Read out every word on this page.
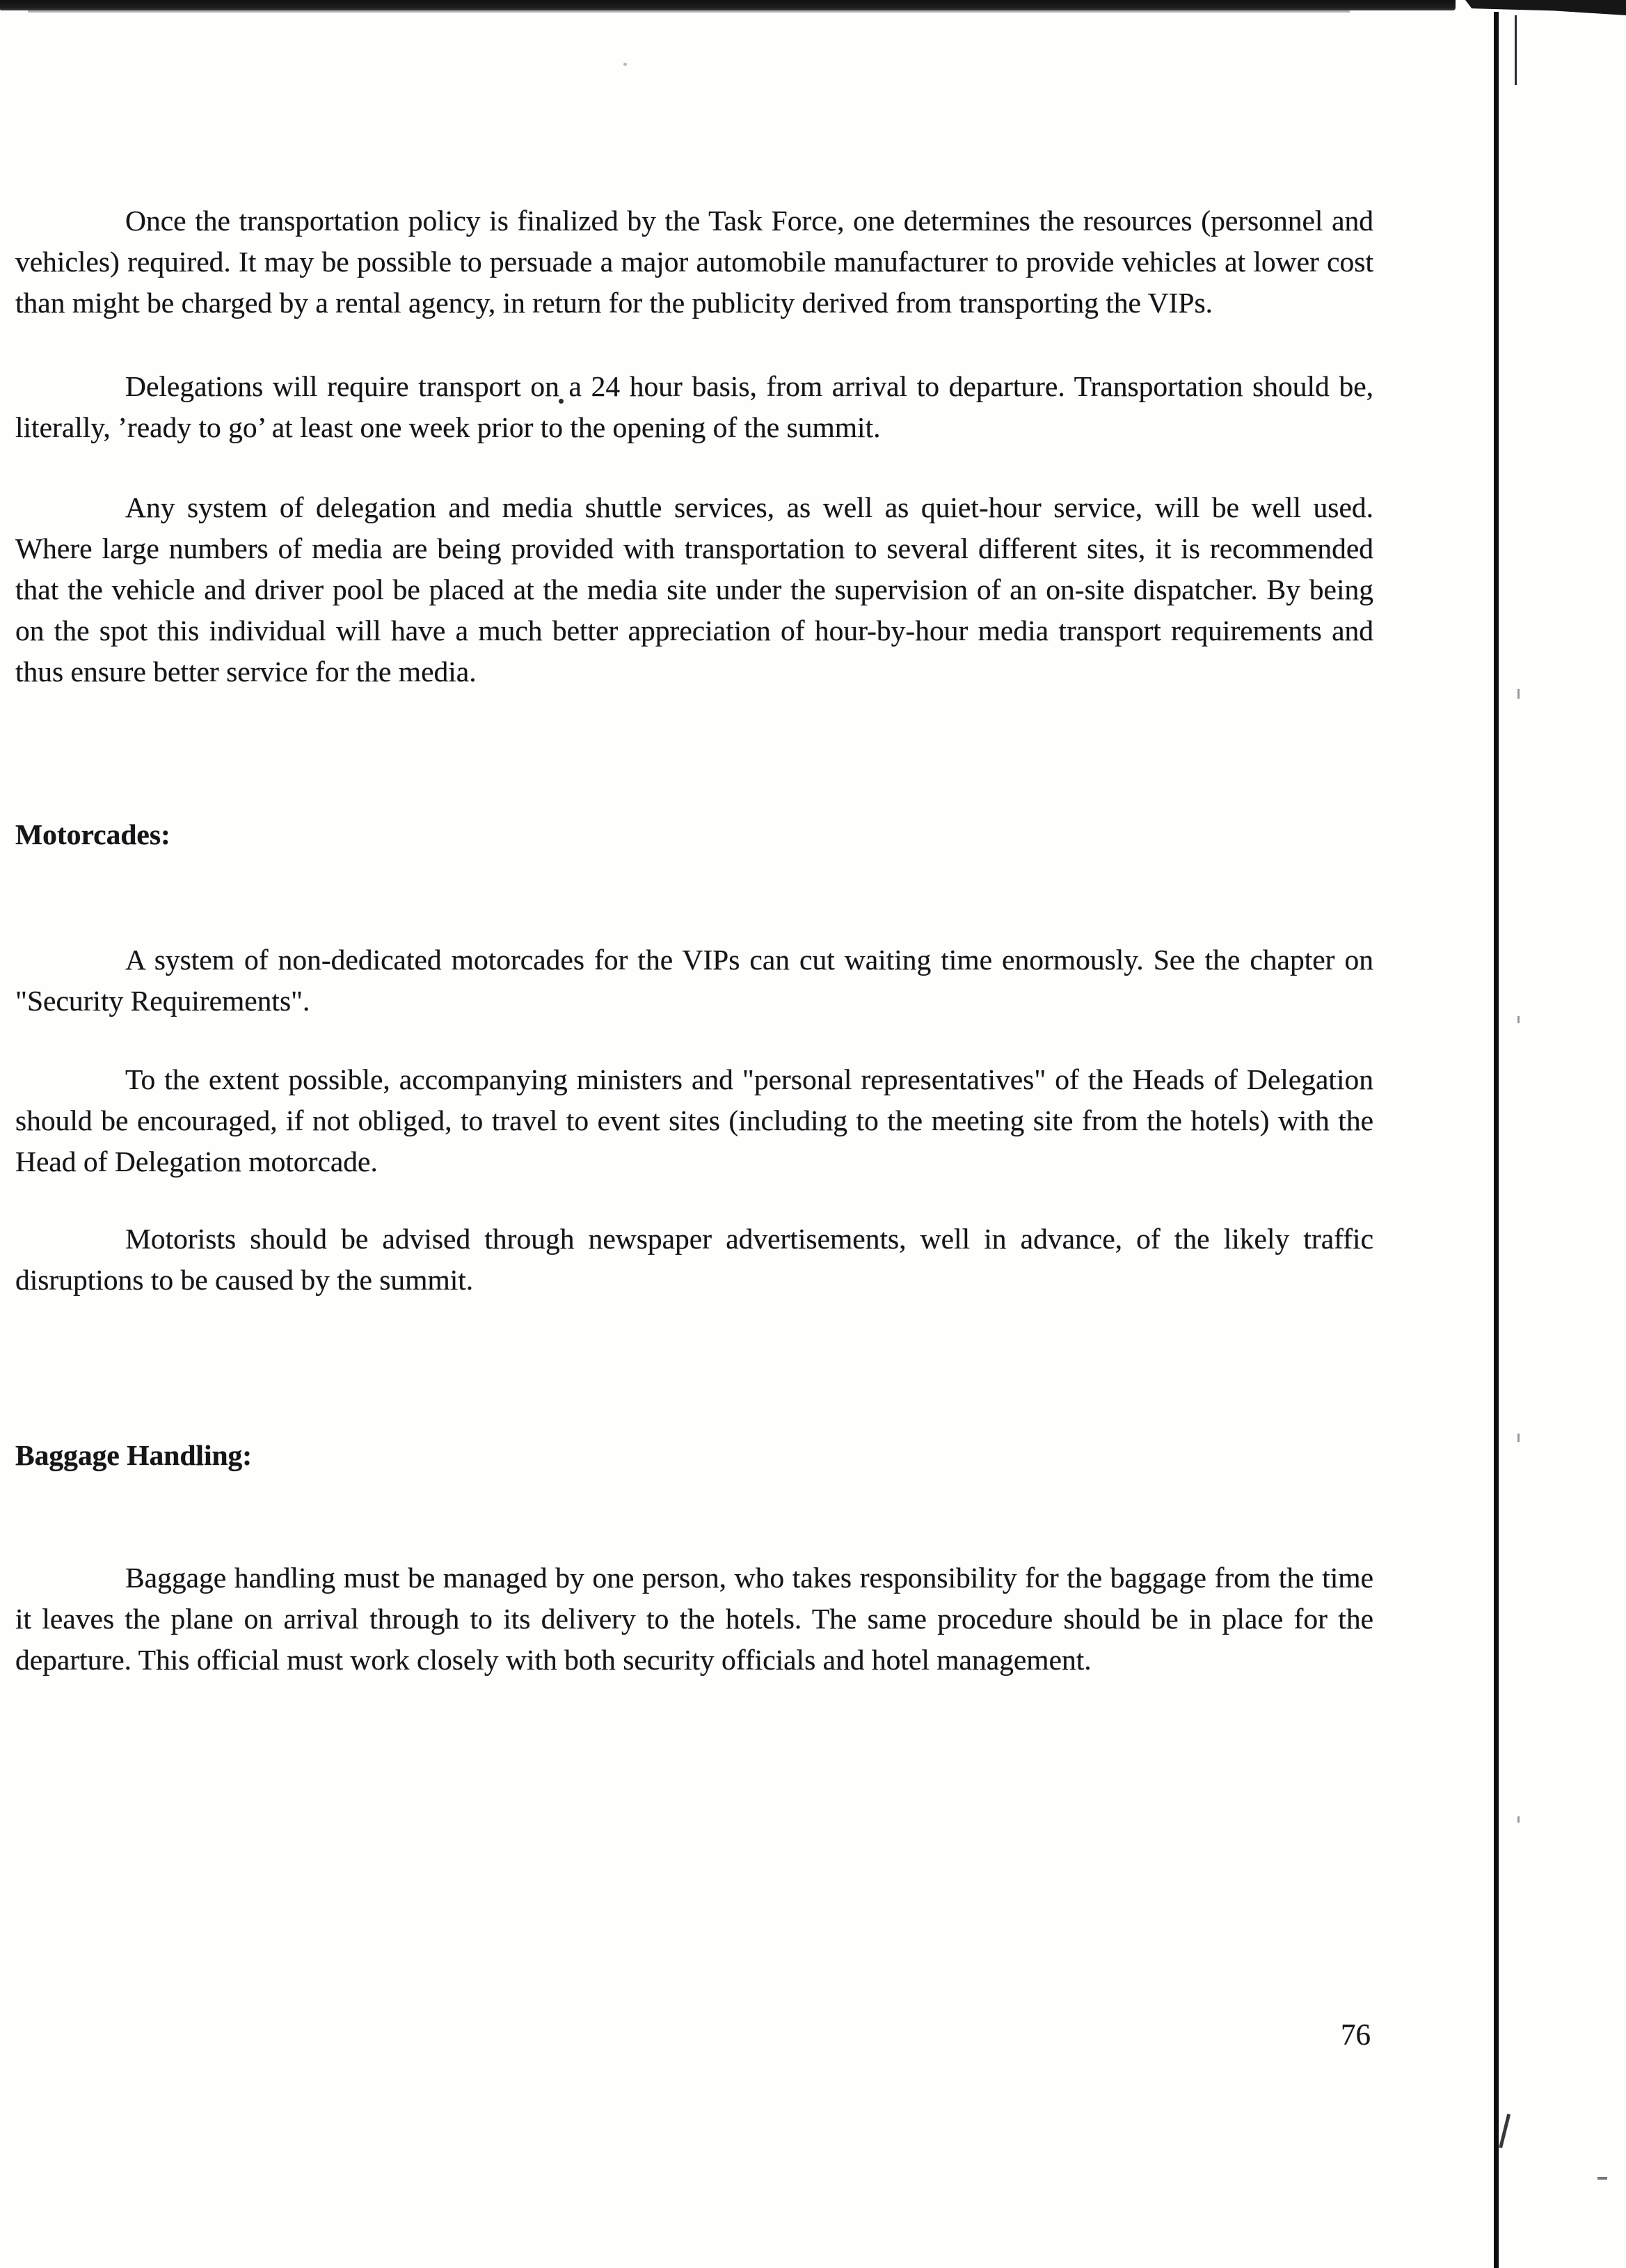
Once the transportation policy is finalized by the Task Force, one determines the resources (personnel and vehicles) required. It may be possible to persuade a major automobile manufacturer to provide vehicles at lower cost than might be charged by a rental agency, in return for the publicity derived from transporting the VIPs.

Delegations will require transport on a 24 hour basis, from arrival to departure. Transportation should be, literally, ’ready to go’ at least one week prior to the opening of the summit.

Any system of delegation and media shuttle services, as well as quiet-hour service, will be well used. Where large numbers of media are being provided with transportation to several different sites, it is recommended that the vehicle and driver pool be placed at the media site under the supervision of an on-site dispatcher. By being on the spot this individual will have a much better appreciation of hour-by-hour media transport requirements and thus ensure better service for the media.

Motorcades:

A system of non-dedicated motorcades for the VIPs can cut waiting time enormously. See the chapter on "Security Requirements".

To the extent possible, accompanying ministers and "personal representatives" of the Heads of Delegation should be encouraged, if not obliged, to travel to event sites (including to the meeting site from the hotels) with the Head of Delegation motorcade.

Motorists should be advised through newspaper advertisements, well in advance, of the likely traffic disruptions to be caused by the summit.

Baggage Handling:

Baggage handling must be managed by one person, who takes responsibility for the baggage from the time it leaves the plane on arrival through to its delivery to the hotels. The same procedure should be in place for the departure. This official must work closely with both security officials and hotel management.

76
